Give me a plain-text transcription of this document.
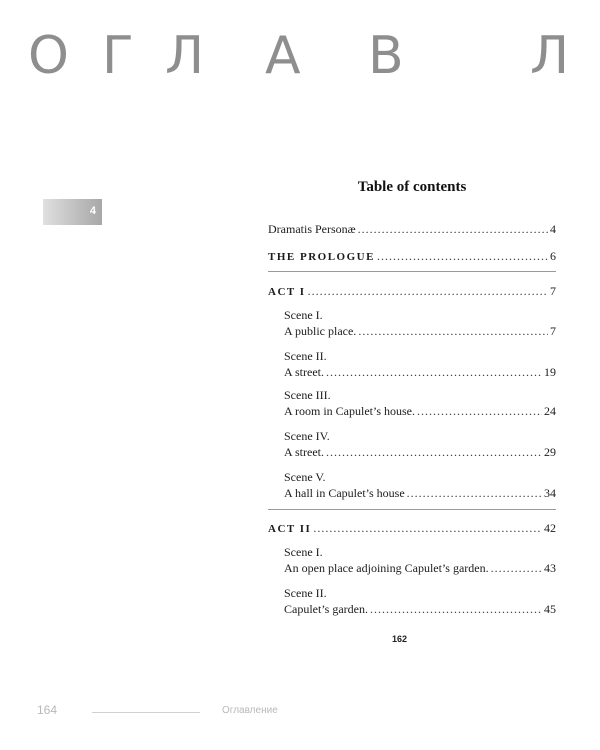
О Г Л А В Л
4
Table of contents
Dramatis Personæ .....	4
THE PROLOGUE .....	6
ACT I .....	7
Scene I.
A public place. .....	7
Scene II.
A street. .....	19
Scene III.
A room in Capulet’s house. .....	24
Scene IV.
A street. .....	29
Scene V.
A hall in Capulet’s house .....	34
ACT II .....	42
Scene I.
An open place adjoining Capulet’s garden. .....	43
Scene II.
Capulet’s garden. .....	45
162
164	Оглавление
